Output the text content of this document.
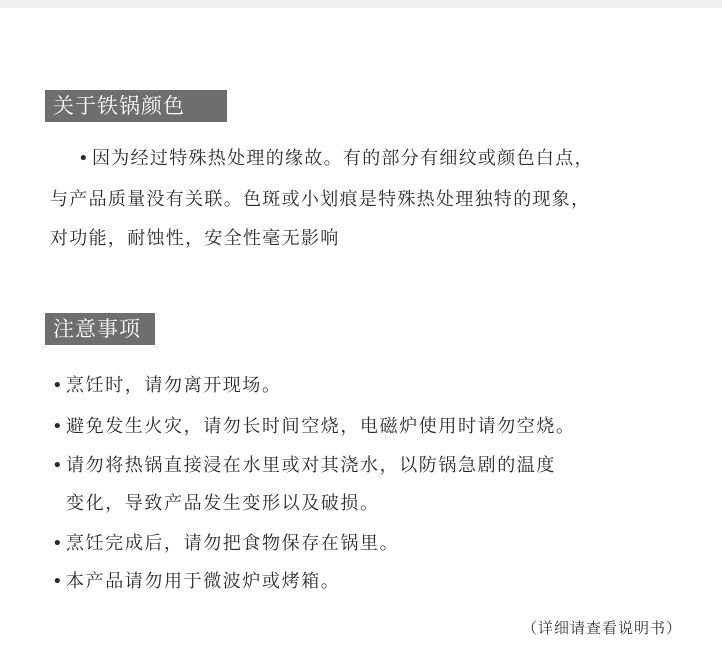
关于铁锅颜色
• 因为经过特殊热处理的缘故。有的部分有细纹或颜色白点，
与产品质量没有关联。色斑或小划痕是特殊热处理独特的现象，
对功能，耐蚀性，安全性毫无影响
注意事项
•烹饪时，请勿离开现场。
•避免发生火灾，请勿长时间空烧，电磁炉使用时请勿空烧。
•请勿将热锅直接浸在水里或对其浇水，以防锅急剧的温度
变化，导致产品发生变形以及破损。
•烹饪完成后，请勿把食物保存在锅里。
•本产品请勿用于微波炉或烤箱。
（详细请查看说明书）
